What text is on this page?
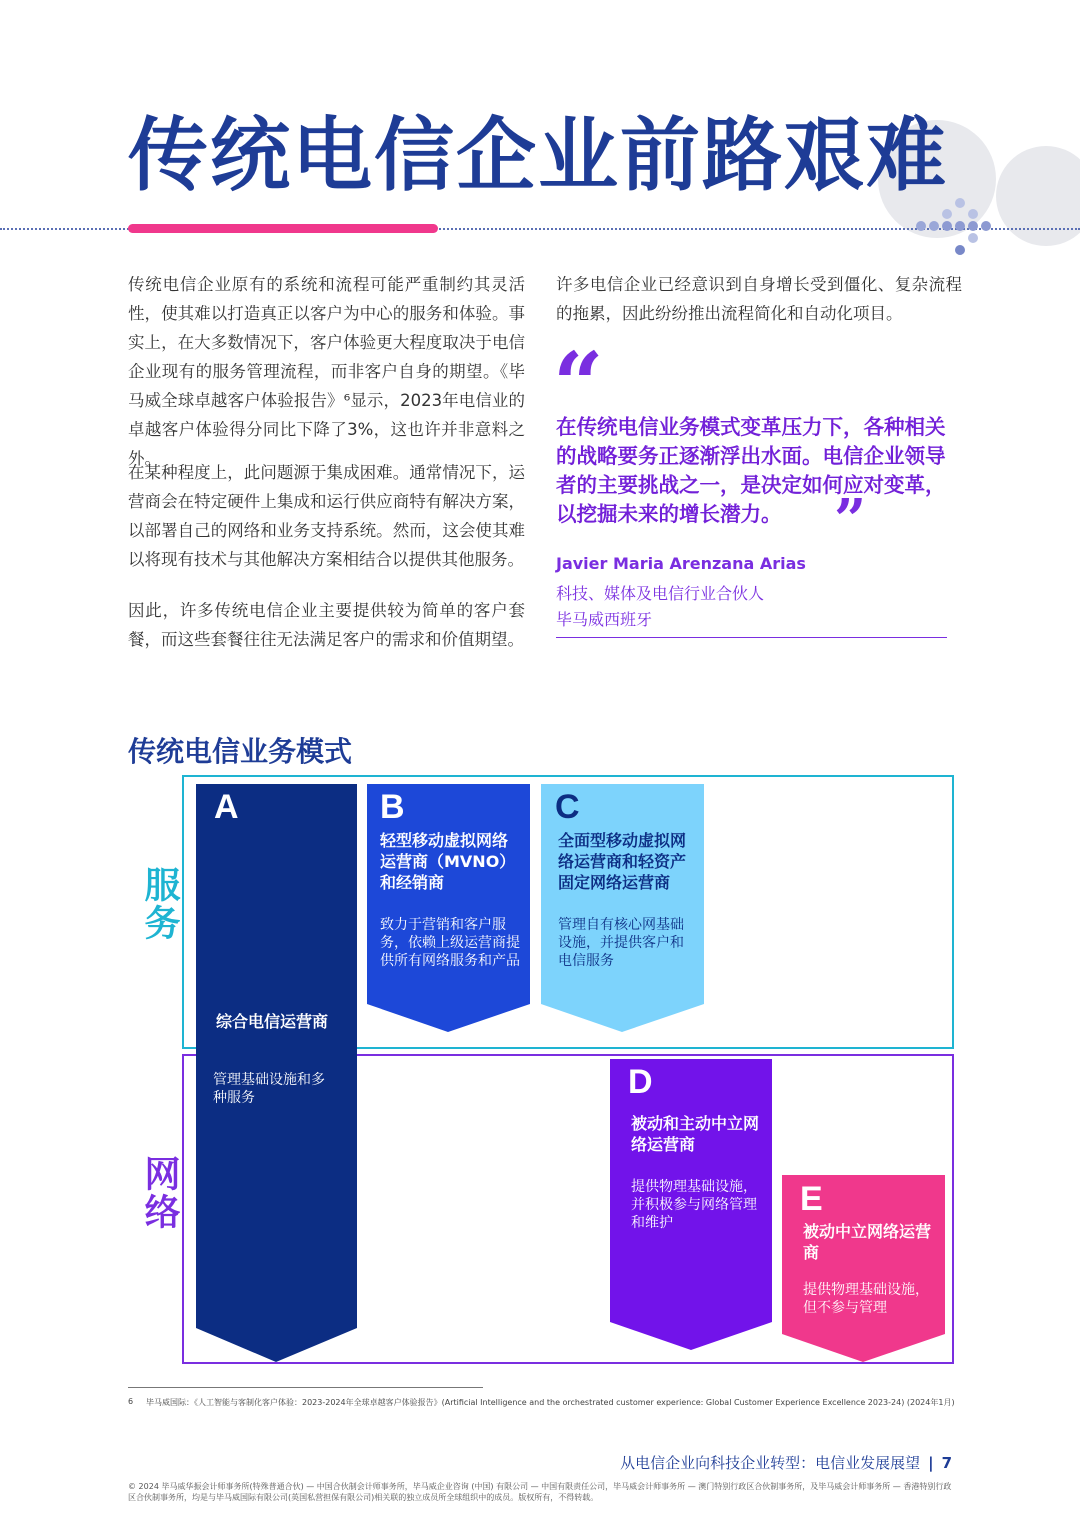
传统电信企业前路艰难
传统电信企业原有的系统和流程可能严重制约其灵活性，使其难以打造真正以客户为中心的服务和体验。事实上，在大多数情况下，客户体验更大程度取决于电信企业现有的服务管理流程，而非客户自身的期望。《毕马威全球卓越客户体验报告》⁶显示，2023年电信业的卓越客户体验得分同比下降了3%，这也许并非意料之外。
在某种程度上，此问题源于集成困难。通常情况下，运营商会在特定硬件上集成和运行供应商特有解决方案，以部署自己的网络和业务支持系统。然而，这会使其难以将现有技术与其他解决方案相结合以提供其他服务。
因此，许多传统电信企业主要提供较为简单的客户套餐，而这些套餐往往无法满足客户的需求和价值期望。
许多电信企业已经意识到自身增长受到僵化、复杂流程的拖累，因此纷纷推出流程简化和自动化项目。
“
在传统电信业务模式变革压力下，各种相关的战略要务正逐渐浮出水面。电信企业领导者的主要挑战之一，是决定如何应对变革，以挖掘未来的增长潜力。 ”
Javier Maria Arenzana Arias
科技、媒体及电信行业合伙人
毕马威西班牙
传统电信业务模式
服务
网络
A
综合电信运营商
管理基础设施和多种服务
B
轻型移动虚拟网络运营商（MVNO）和经销商
致力于营销和客户服务，依赖上级运营商提供所有网络服务和产品
C
全面型移动虚拟网络运营商和轻资产固定网络运营商
管理自有核心网基础设施，并提供客户和电信服务
D
被动和主动中立网络运营商
提供物理基础设施，并积极参与网络管理和维护
E
被动中立网络运营商
提供物理基础设施，但不参与管理
6 毕马威国际：《人工智能与客制化客户体验：2023-2024年全球卓越客户体验报告》(Artificial Intelligence and the orchestrated customer experience: Global Customer Experience Excellence 2023-24) (2024年1月)
从电信企业向科技企业转型：电信业发展展望 | 7
© 2024 毕马威华振会计师事务所(特殊普通合伙) — 中国合伙制会计师事务所，毕马威企业咨询 (中国) 有限公司 — 中国有限责任公司，毕马威会计师事务所 — 澳门特别行政区合伙制事务所，及毕马威会计师事务所 — 香港特别行政区合伙制事务所，均是与毕马威国际有限公司(英国私营担保有限公司)相关联的独立成员所全球组织中的成员。版权所有，不得转载。
